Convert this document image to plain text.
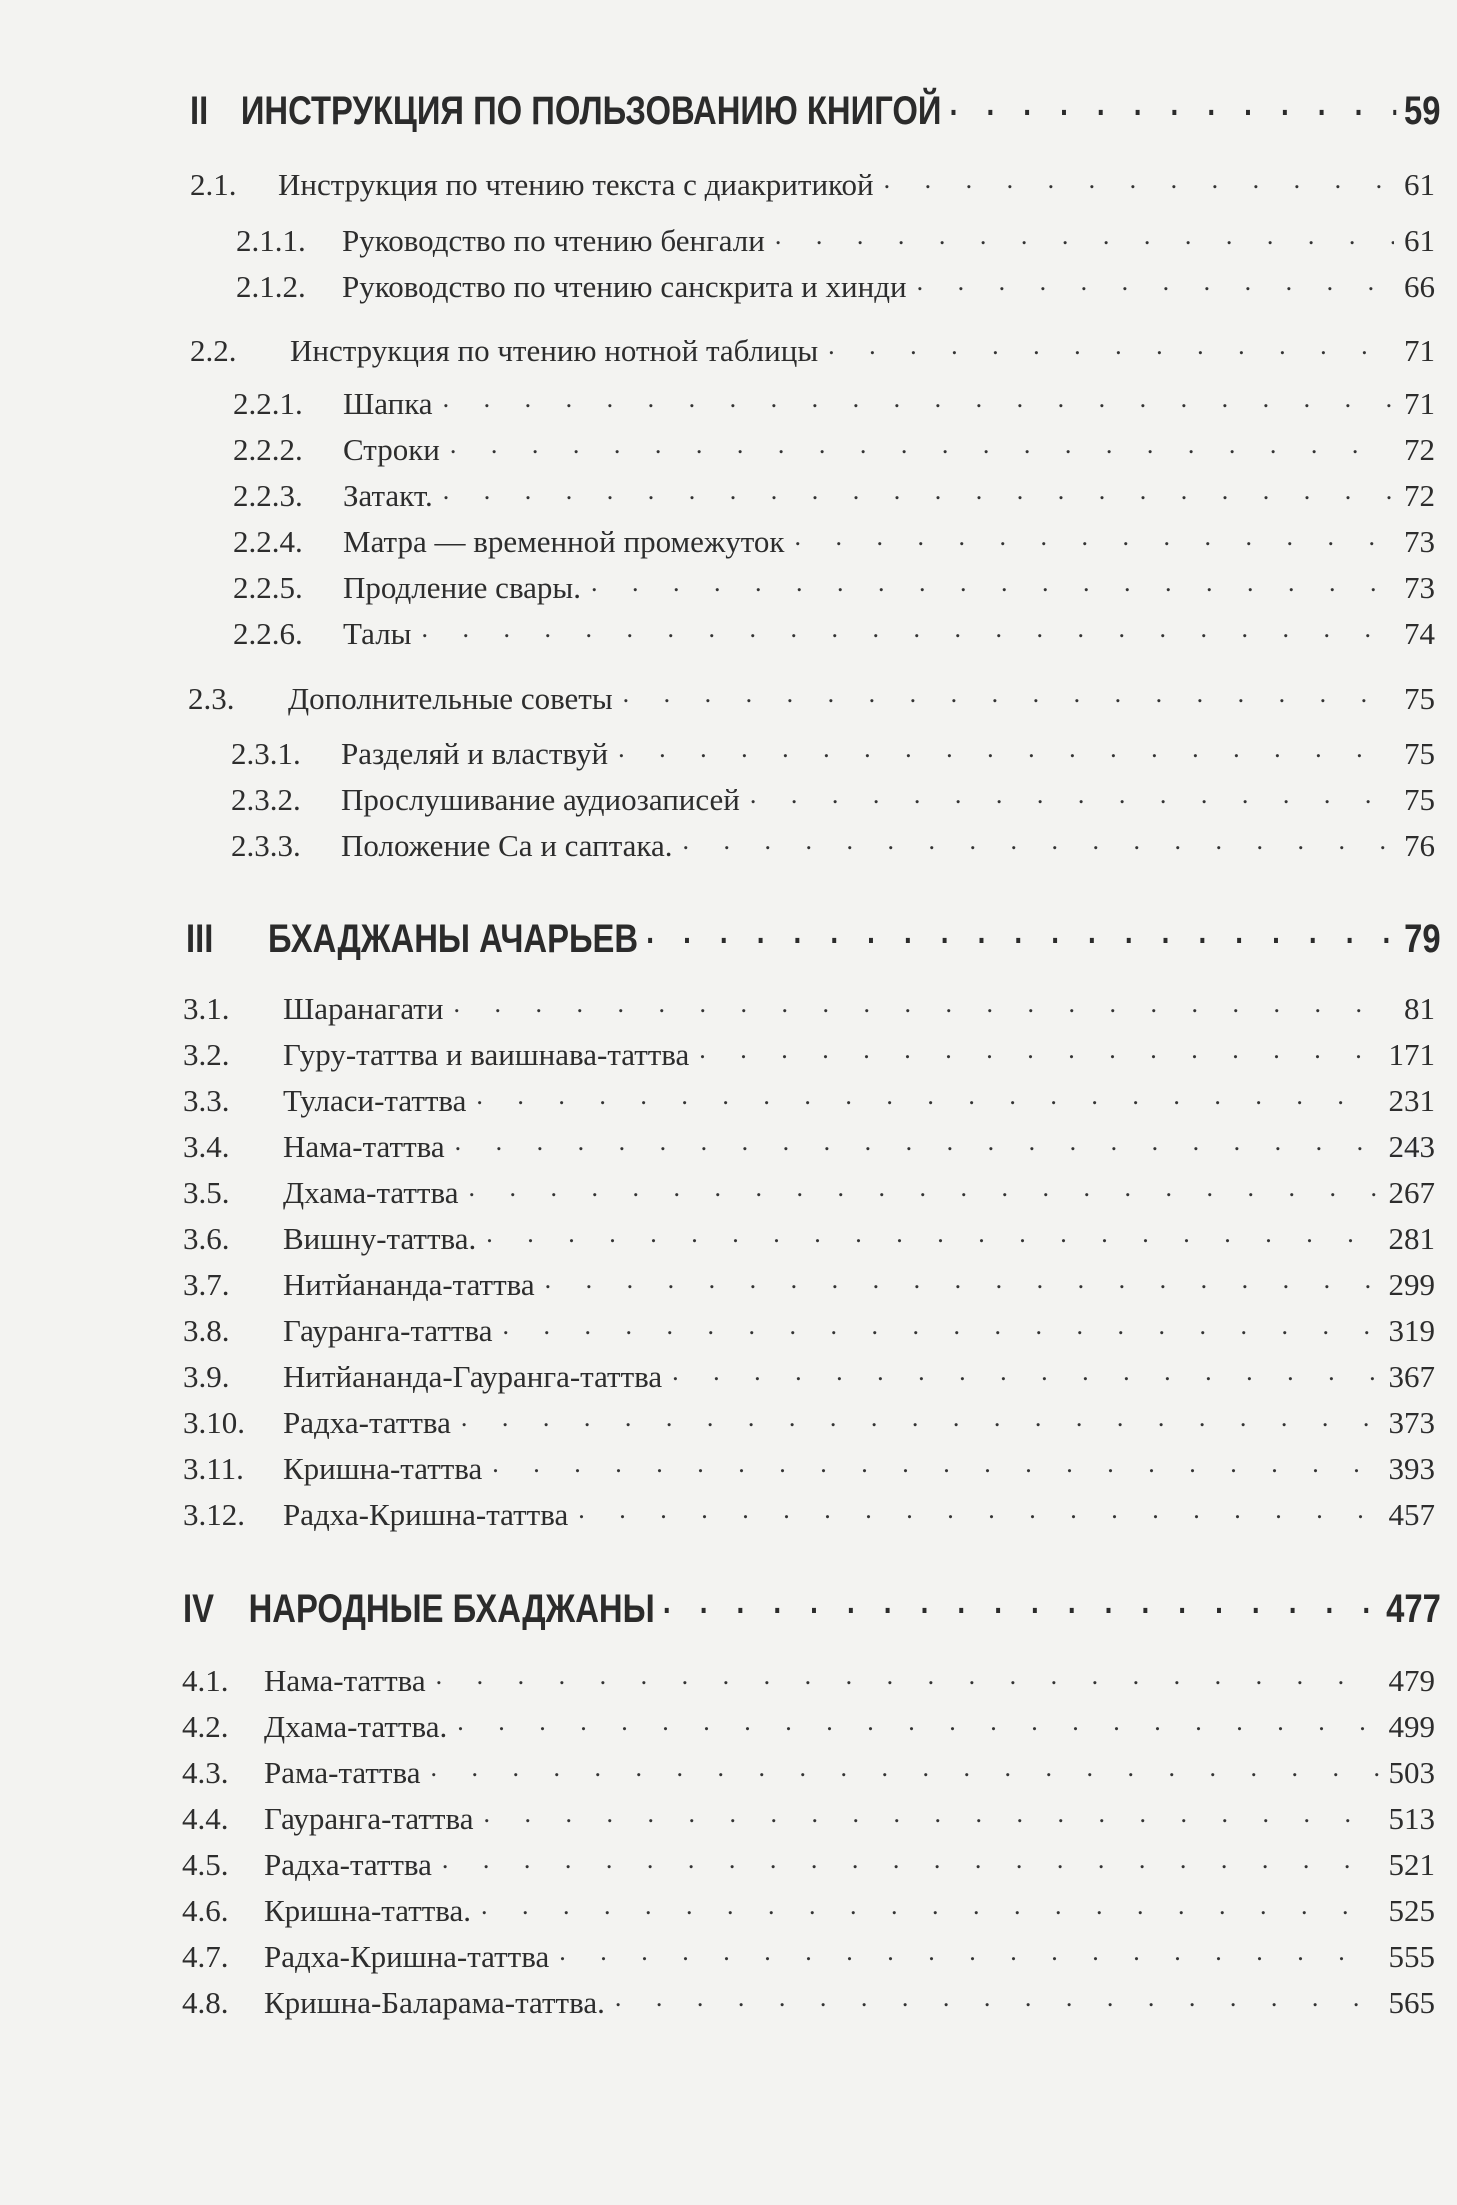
II ИНСТРУКЦИЯ ПО ПОЛЬЗОВАНИЮ КНИГОЙ . . .	59
2.1.	Инструкция по чтению текста с диакритикой . . .	61
2.1.1.	Руководство по чтению бенгали . . .	61
2.1.2.	Руководство по чтению санскрита и хинди . . .	66
2.2.	Инструкция по чтению нотной таблицы . . .	71
2.2.1.	Шапка . . .	71
2.2.2.	Строки . . .	72
2.2.3.	Затакт. . . .	72
2.2.4.	Матра — временной промежуток . . .	73
2.2.5.	Продление свары. . . .	73
2.2.6.	Талы . . .	74
2.3.	Дополнительные советы . . .	75
2.3.1.	Разделяй и властвуй . . .	75
2.3.2.	Прослушивание аудиозаписей . . .	75
2.3.3.	Положение Са и саптака. . . .	76
III	БХАДЖАНЫ АЧАРЬЕВ . . .	79
3.1.	Шаранагати . . .	81
3.2.	Гуру-таттва и ваишнава-таттва . . .	171
3.3.	Туласи-таттва . . .	231
3.4.	Нама-таттва . . .	243
3.5.	Дхама-таттва . . .	267
3.6.	Вишну-таттва. . . .	281
3.7.	Нитйананда-таттва . . .	299
3.8.	Гауранга-таттва . . .	319
3.9.	Нитйананда-Гауранга-таттва . . .	367
3.10.	Радха-таттва . . .	373
3.11.	Кришна-таттва . . .	393
3.12.	Радха-Кришна-таттва . . .	457
IV НАРОДНЫЕ БХАДЖАНЫ . . .	477
4.1.	Нама-таттва . . .	479
4.2.	Дхама-таттва. . . .	499
4.3.	Рама-таттва . . .	503
4.4.	Гауранга-таттва . . .	513
4.5.	Радха-таттва . . .	521
4.6.	Кришна-таттва. . . .	525
4.7.	Радха-Кришна-таттва . . .	555
4.8.	Кришна-Баларама-таттва. . . .	565
